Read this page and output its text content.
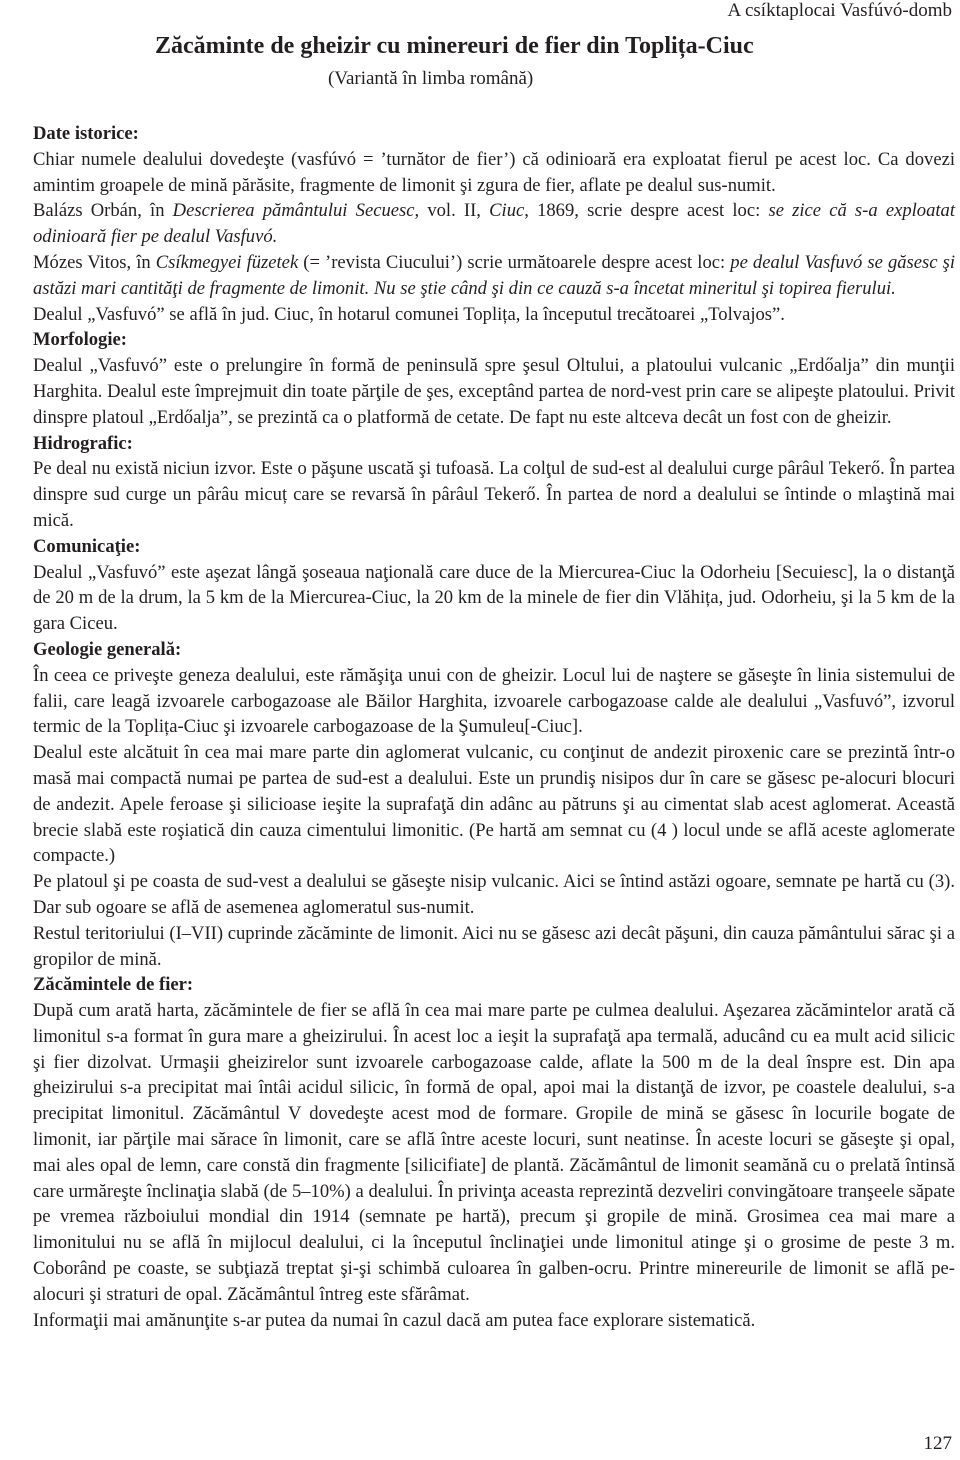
A csíktaplocai Vasfúvó-domb
Zăcăminte de gheizir cu minereuri de fier din Toplița-Ciuc
(Variantă în limba română)

Date istorice:

Chiar numele dealului dovedeşte (vasfúvó = ’turnător de fier’) că odinioară era exploatat fierul pe acest loc. Ca dovezi amintim groapele de mină părăsite, fragmente de limonit şi zgura de fier, aflate pe dealul sus-numit.

Balázs Orbán, în Descrierea pământului Secuesc, vol. II, Ciuc, 1869, scrie despre acest loc: se zice că s-a exploatat odinioară fier pe dealul Vasfuvó.

Mózes Vitos, în Csíkmegyei füzetek (= ’revista Ciucului’) scrie următoarele despre acest loc: pe dealul Vasfuvó se găsesc şi astăzi mari cantităţi de fragmente de limonit. Nu se ştie când şi din ce cauză s-a încetat mineritul şi topirea fierului.

Dealul „Vasfuvó” se află în jud. Ciuc, în hotarul comunei Toplița, la începutul trecătoarei „Tolvajos”.

Morfologie:

Dealul „Vasfuvó” este o prelungire în formă de peninsulă spre şesul Oltului, a platoului vulcanic „Erdőalja” din munţii Harghita. Dealul este împrejmuit din toate părţile de şes, exceptând partea de nord-vest prin care se alipeşte platoului. Privit dinspre platoul „Erdőalja”, se prezintă ca o platformă de cetate. De fapt nu este altceva decât un fost con de gheizir.

Hidrografic:

Pe deal nu există niciun izvor. Este o păşune uscată şi tufoasă. La colţul de sud-est al dealului curge pârâul Tekerő. În partea dinspre sud curge un pârâu micuț care se revarsă în pârâul Tekerő. În partea de nord a dealului se întinde o mlaştină mai mică.

Comunicaţie:

Dealul „Vasfuvó” este aşezat lângă şoseaua naţională care duce de la Miercurea-Ciuc la Odorheiu [Secuiesc], la o distanţă de 20 m de la drum, la 5 km de la Miercurea-Ciuc, la 20 km de la minele de fier din Vlăhița, jud. Odorheiu, şi la 5 km de la gara Ciceu.

Geologie generală:

În ceea ce priveşte geneza dealului, este rămăşiţa unui con de gheizir. Locul lui de naştere se găseşte în linia sistemului de falii, care leagă izvoarele carbogazoase ale Băilor Harghita, izvoarele carbogazoase calde ale dealului „Vasfuvó”, izvorul termic de la Toplița-Ciuc şi izvoarele carbogazoase de la Şumuleu[-Ciuc].

Dealul este alcătuit în cea mai mare parte din aglomerat vulcanic, cu conţinut de andezit piroxenic care se prezintă într-o masă mai compactă numai pe partea de sud-est a dealului. Este un prundiş nisipos dur în care se găsesc pe-alocuri blocuri de andezit. Apele feroase şi silicioase ieşite la suprafaţă din adânc au pătruns şi au cimentat slab acest aglomerat. Această brecie slabă este roşiatică din cauza cimentului limonitic. (Pe hartă am semnat cu (4 ) locul unde se află aceste aglomerate compacte.)

Pe platoul şi pe coasta de sud-vest a dealului se găseşte nisip vulcanic. Aici se întind astăzi ogoare, semnate pe hartă cu (3). Dar sub ogoare se află de asemenea aglomeratul sus-numit.

Restul teritoriului (I–VII) cuprinde zăcăminte de limonit. Aici nu se găsesc azi decât păşuni, din cauza pământului sărac şi a gropilor de mină.

Zăcămintele de fier:

După cum arată harta, zăcămintele de fier se află în cea mai mare parte pe culmea dealului. Aşezarea zăcămintelor arată că limonitul s-a format în gura mare a gheizirului. În acest loc a ieşit la suprafaţă apa termală, aducând cu ea mult acid silicic şi fier dizolvat. Urmaşii gheizirelor sunt izvoarele carbogazoase calde, aflate la 500 m de la deal înspre est. Din apa gheizirului s-a precipitat mai întâi acidul silicic, în formă de opal, apoi mai la distanţă de izvor, pe coastele dealului, s-a precipitat limonitul. Zăcământul V dovedeşte acest mod de formare. Gropile de mină se găsesc în locurile bogate de limonit, iar părţile mai sărace în limonit, care se află între aceste locuri, sunt neatinse. În aceste locuri se găseşte şi opal, mai ales opal de lemn, care constă din fragmente [silicifiate] de plantă. Zăcământul de limonit seamănă cu o prelată întinsă care urmăreşte înclinaţia slabă (de 5–10%) a dealului. În privinţa aceasta reprezintă dezveliri convingătoare tranşeele săpate pe vremea războiului mondial din 1914 (semnate pe hartă), precum şi gropile de mină. Grosimea cea mai mare a limonitului nu se află în mijlocul dealului, ci la începutul înclinaţiei unde limonitul atinge şi o grosime de peste 3 m. Coborând pe coaste, se subţiază treptat şi-şi schimbă culoarea în galben-ocru. Printre minereurile de limonit se află pe-alocuri şi straturi de opal. Zăcământul întreg este sfărâmat.

Informaţii mai amănunţite s-ar putea da numai în cazul dacă am putea face explorare sistematică.

127
